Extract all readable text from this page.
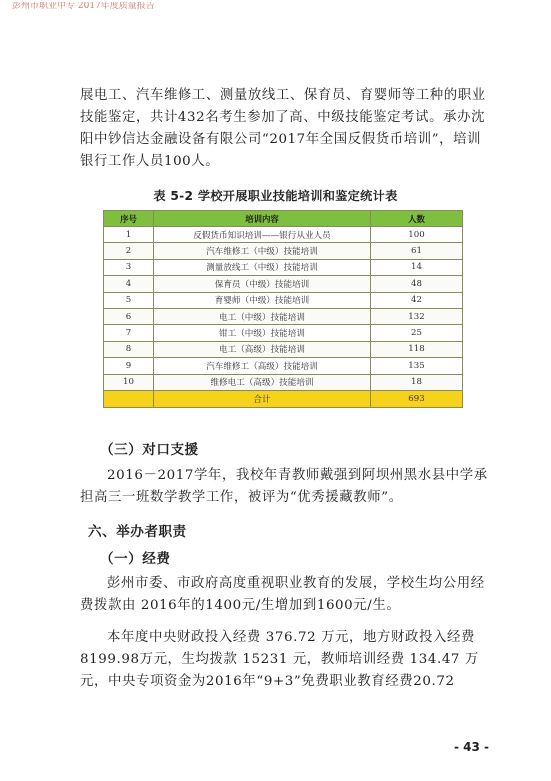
彭州市职业中专 2017年度质量报告
展电工、汽车维修工、测量放线工、保育员、育婴师等工种的职业技能鉴定，共计432名考生参加了高、中级技能鉴定考试。承办沈阳中钞信达金融设备有限公司“2017年全国反假货币培训”，培训银行工作人员100人。
表 5-2 学校开展职业技能培训和鉴定统计表
序号	培训内容	人数
1	反假货币知识培训——银行从业人员	100
2	汽车维修工（中级）技能培训	61
3	测量放线工（中级）技能培训	14
4	保育员（中级）技能培训	48
5	育婴师（中级）技能培训	42
6	电工（中级）技能培训	132
7	钳工（中级）技能培训	25
8	电工（高级）技能培训	118
9	汽车维修工（高级）技能培训	135
10	维修电工（高级）技能培训	18
	合计	693
（三）对口支援
2016－2017学年，我校年青教师戴强到阿坝州黑水县中学承担高三一班数学教学工作，被评为“优秀援藏教师”。
六、举办者职责
（一）经费
彭州市委、市政府高度重视职业教育的发展，学校生均公用经费拨款由 2016年的1400元/生增加到1600元/生。
本年度中央财政投入经费 376.72 万元，地方财政投入经费 8199.98万元，生均拨款 15231 元，教师培训经费 134.47 万元，中央专项资金为2016年“9+3”免费职业教育经费20.72
- 43 -
